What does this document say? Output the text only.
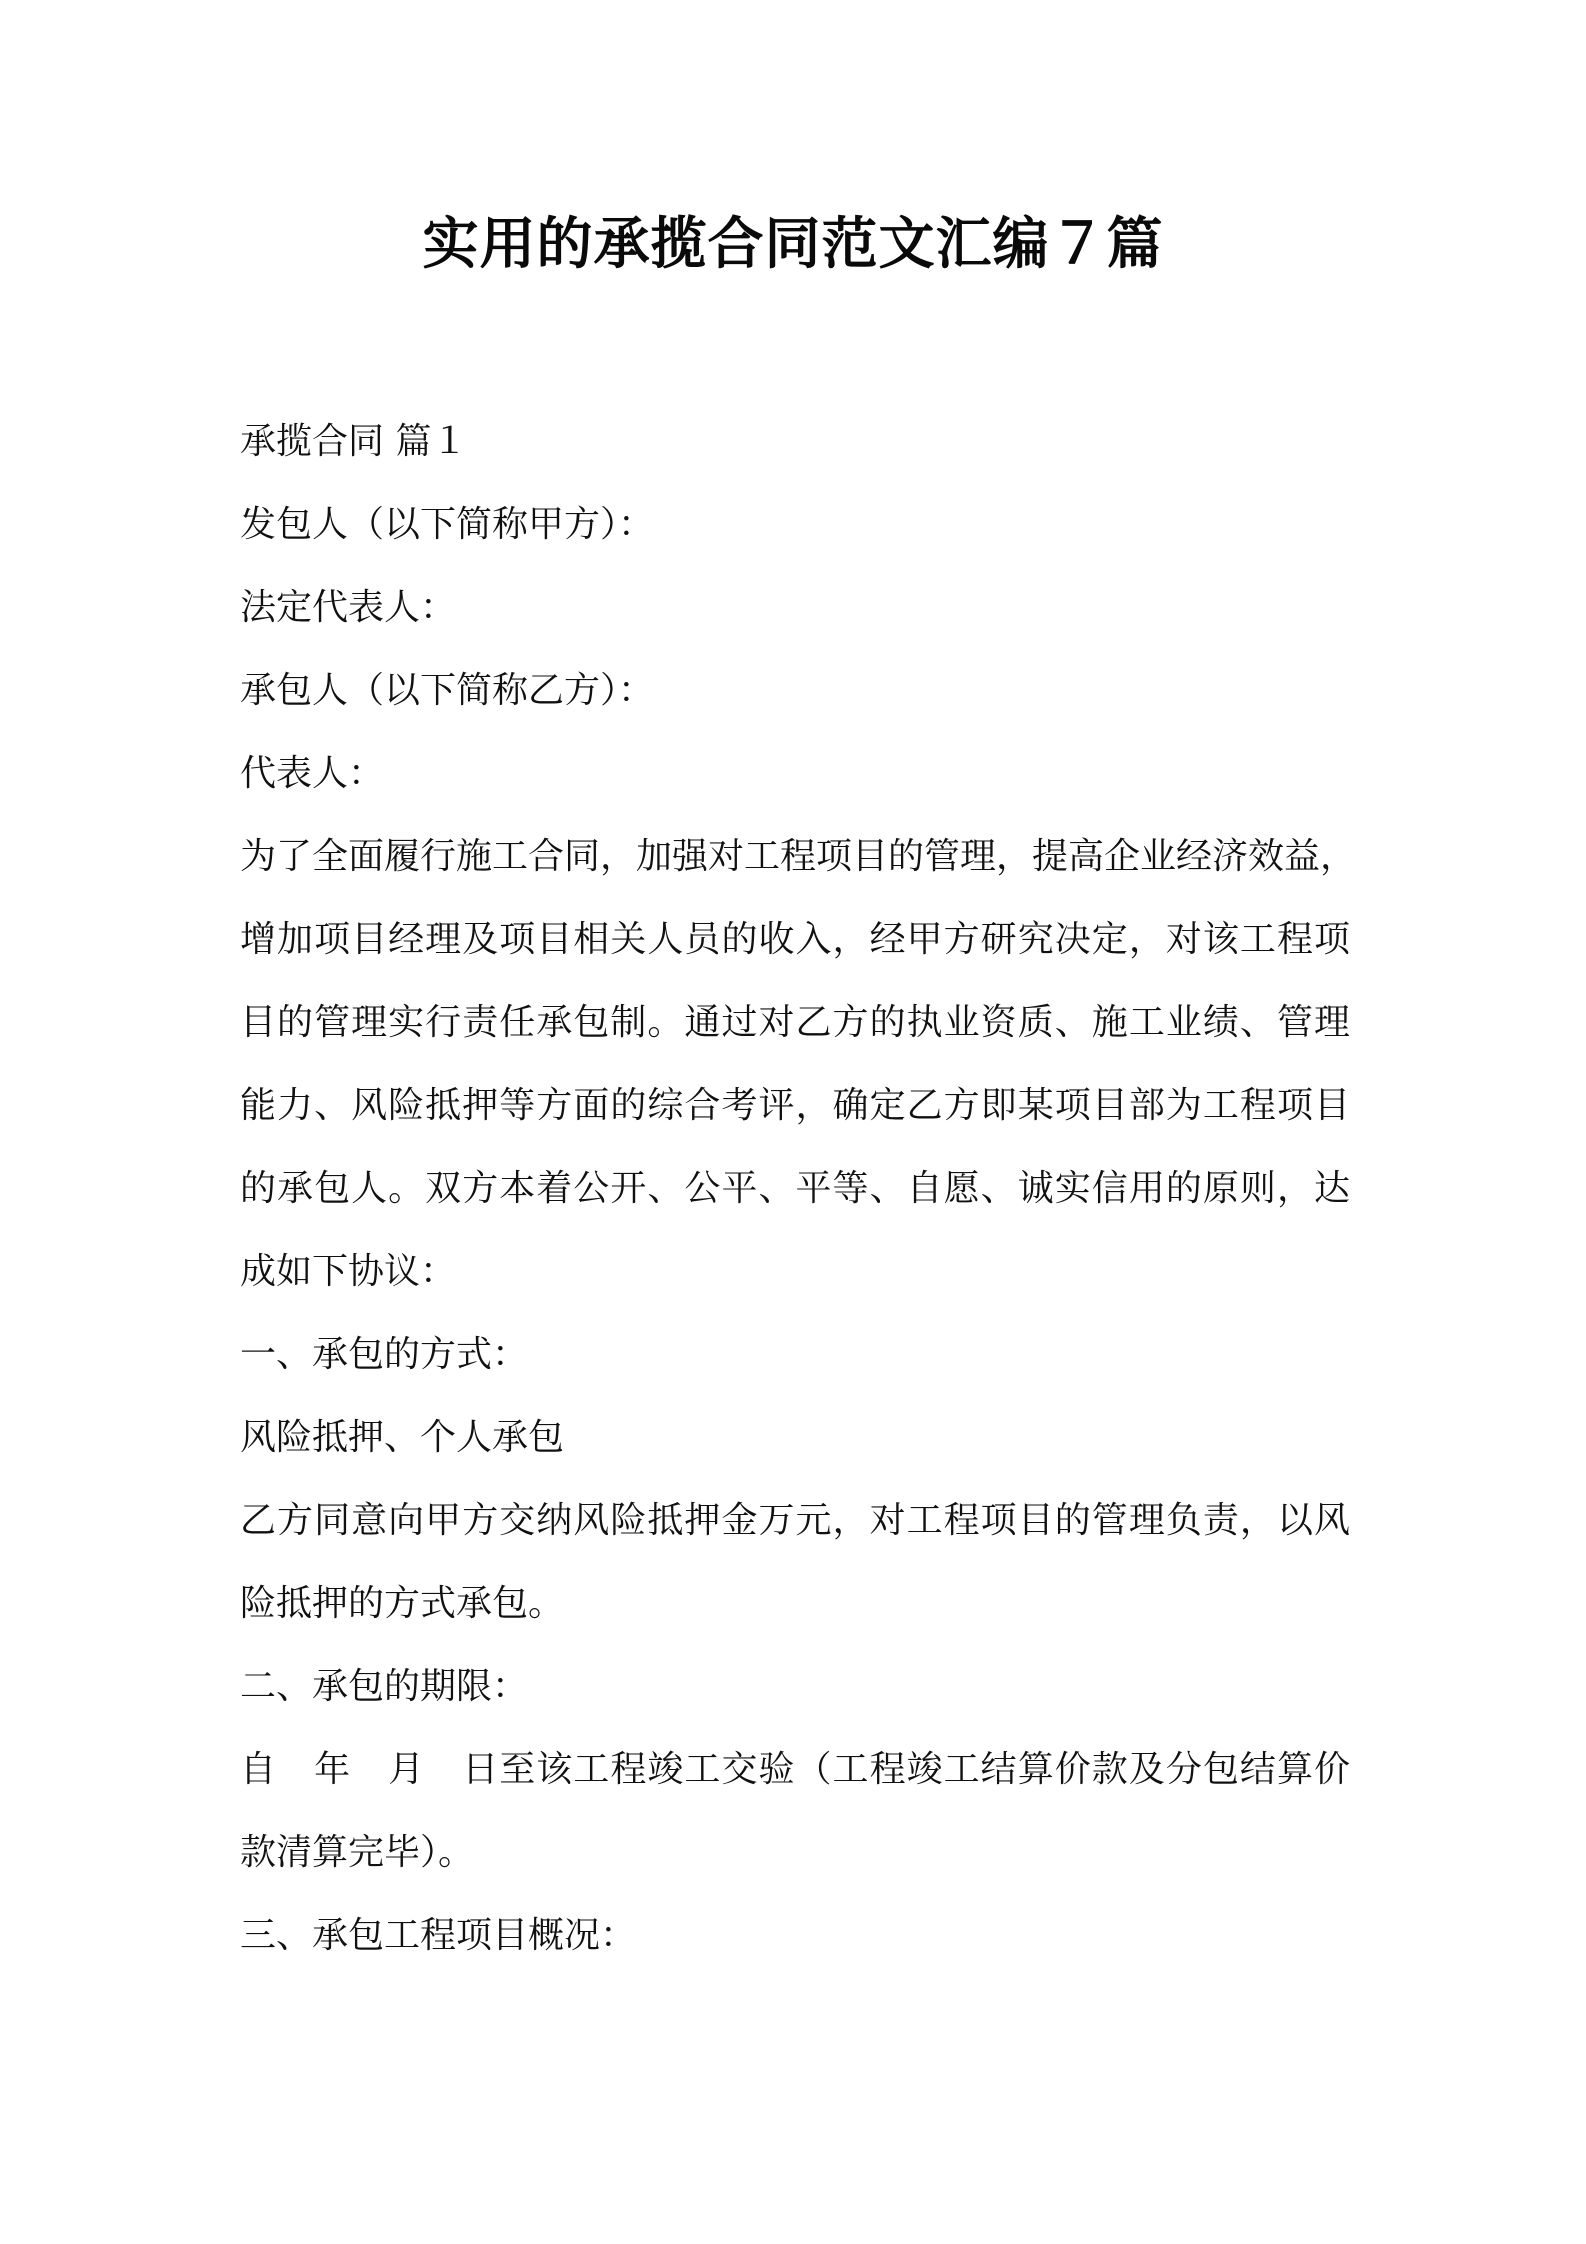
实用的承揽合同范文汇编７篇
承揽合同 篇１
发包人（以下简称甲方）：
法定代表人：
承包人（以下简称乙方）：
代表人：
为了全面履行施工合同，加强对工程项目的管理，提高企业经济效益，
增加项目经理及项目相关人员的收入，经甲方研究决定，对该工程项
目的管理实行责任承包制。通过对乙方的执业资质、施工业绩、管理
能力、风险抵押等方面的综合考评，确定乙方即某项目部为工程项目
的承包人。双方本着公开、公平、平等、自愿、诚实信用的原则，达
成如下协议：
一、承包的方式：
风险抵押、个人承包
乙方同意向甲方交纳风险抵押金万元，对工程项目的管理负责，以风
险抵押的方式承包。
二、承包的期限：
自　年　月　日至该工程竣工交验（工程竣工结算价款及分包结算价
款清算完毕）。
三、承包工程项目概况：
